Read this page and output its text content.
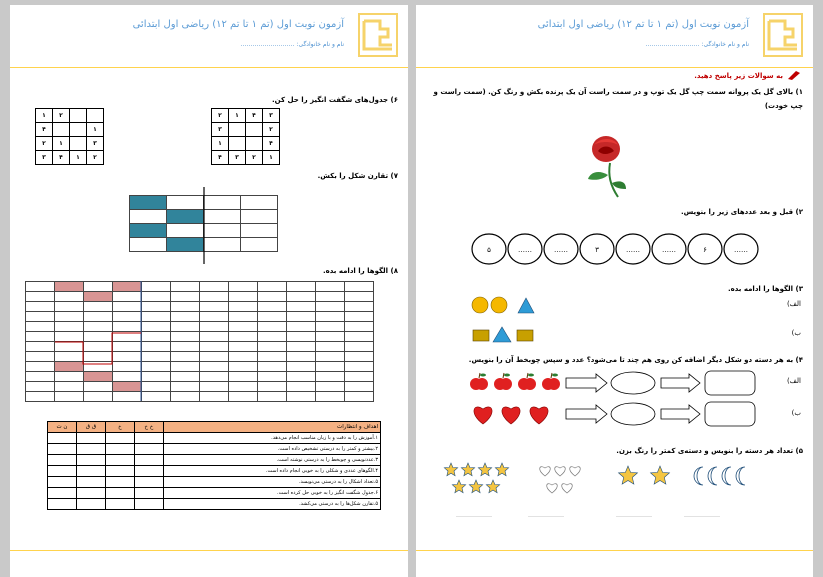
آزمون نوبت اول (تم ۱ تا تم ۱۲) ریاضی اول ابتدائی
نام و نام خانوادگی: ………………………
۶) جدول‌های شگفت انگیز را حل کن.
۲	۱	۴	۳
۳			۲
۱			۴
۴	۳	۲	۱
۱	۲		
۴			۱
۲	۱		۳
۳	۴	۱	۲
۷) تقارن شکل را بکش.

۸) الگوها را ادامه بده.

اهداف و انتظارات	خ خ	خ	ق ق	ن ت
۱.آموزش را به دقت و با زبان مناسب انجام می‌دهد.				
۲.بیشتر و کمتر را به درستی تشخیص داده است.				
۳.عددنویسی و چوبخط را به درستی نوشته است.				
۴.الگوهای عددی و شکلی را به خوبی انجام داده است.				
۵.تعداد اشکال را به درستی می‌نویسد.				
۶.جدول شگفت انگیز را به خوبی حل کرده است.				
۵.تقارن شکل‌ها را به درستی می‌کشد.				
آزمون نوبت اول (تم ۱ تا تم ۱۲) ریاضی اول ابتدائی
نام و نام خانوادگی: ………………………
به سوالات زیر پاسخ دهید.
۱) بالای گل یک پروانه سمت چپ گل یک توپ و در سمت راست آن یک پرنده بکش و رنگ کن. (سمت راست و
چپ خودت)
۲) قبل و بعد عددهای زیر را بنویس.
۵	……	……	۳	……	……	۶	……
۳) الگوها را ادامه بده.
الف)
ب)
۴) به هر دسته دو شکل دیگر اضافه کن روی هم چند تا می‌شود؟ عدد و سپس چوبخط آن را بنویس.
الف)
ب)
۵) تعداد هر دسته را بنویس و دسته‌ی کمتر را رنگ بزن.
………………	………………	………………	………………
